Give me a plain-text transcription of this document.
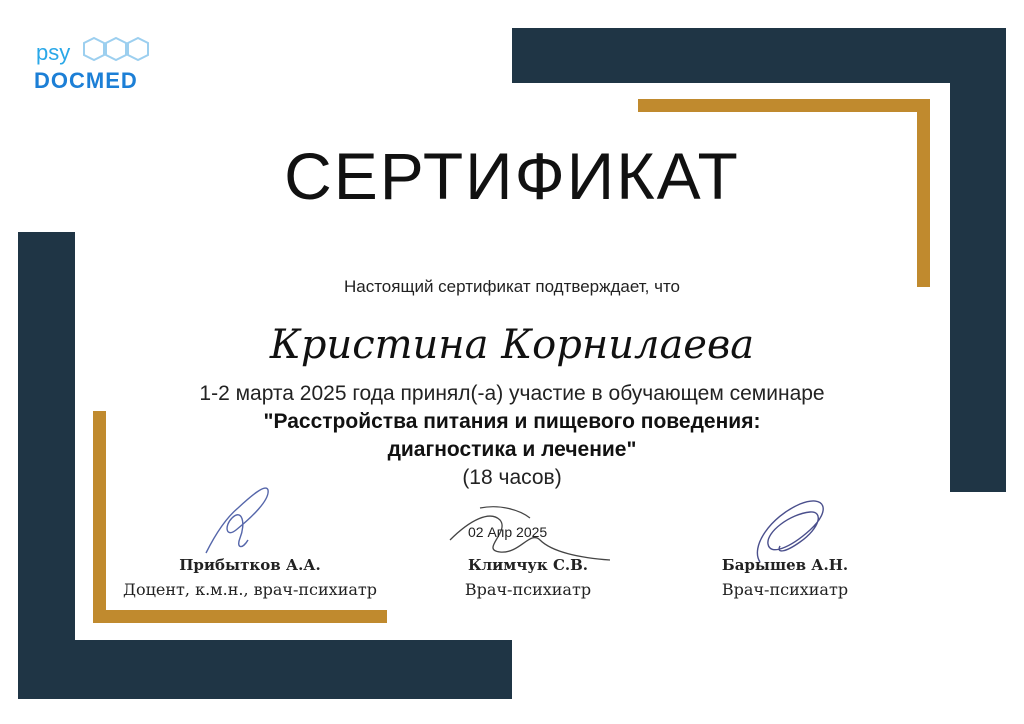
psy
DOCMED
СЕРТИФИКАТ
Настоящий сертификат подтверждает, что
Кристина Корнилаева
1-2 марта 2025 года принял(-а) участие в обучающем семинаре
"Расстройства питания и пищевого поведения:
диагностика и лечение"
(18 часов)
02 Апр 2025
Прибытков А.А.
Доцент, к.м.н., врач-психиатр
Климчук С.В.
Врач-психиатр
Барышев А.Н.
Врач-психиатр
